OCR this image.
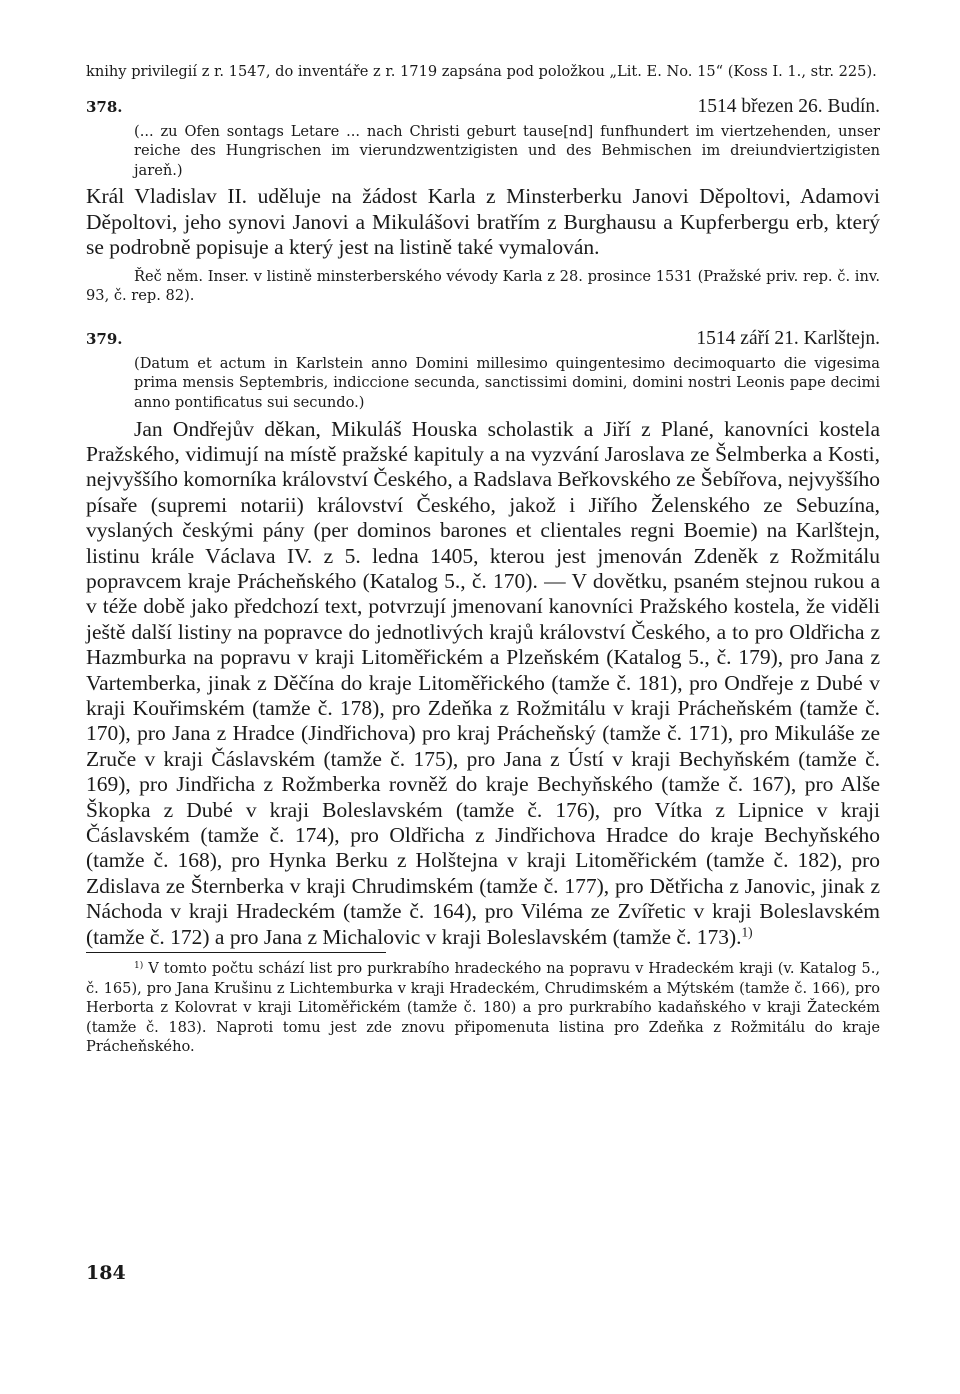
knihy privilegií z r. 1547, do inventáře z r. 1719 zapsána pod položkou „Lit. E. No. 15“ (Koss I. 1., str. 225).

378.	1514 březen 26. Budín.

(... zu Ofen sontags Letare ... nach Christi geburt tause[nd] funfhundert im viertzehenden, unser reiche des Hungrischen im vierundzwentzigisten und des Behmischen im dreiundviertzigisten jareň.)

Král Vladislav II. uděluje na žádost Karla z Minsterberku Janovi Děpoltovi, Adamovi Děpoltovi, jeho synovi Janovi a Mikulášovi bratřím z Burghausu a Kupferbergu erb, který se podrobně popisuje a který jest na listině také vymalován.

Řeč něm. Inser. v listině minsterberského vévody Karla z 28. prosince 1531 (Pražské priv. rep. č. inv. 93, č. rep. 82).

379.	1514 září 21. Karlštejn.

(Datum et actum in Karlstein anno Domini millesimo quingentesimo decimoquarto die vigesima prima mensis Septembris, indiccione secunda, sanctissimi domini, domini nostri Leonis pape decimi anno pontificatus sui secundo.)

Jan Ondřejův děkan, Mikuláš Houska scholastik a Jiří z Plané, kanovníci kostela Pražského, vidimují na místě pražské kapituly a na vyzvání Jaroslava ze Šelmberka a Kosti, nejvyššího komorníka království Českého, a Radslava Beřkovského ze Šebířova, nejvyššího písaře (supremi notarii) království Českého, jakož i Jiřího Želenského ze Sebuzína, vyslaných českými pány (per dominos barones et clientales regni Boemie) na Karlštejn, listinu krále Václava IV. z 5. ledna 1405, kterou jest jmenován Zdeněk z Rožmitálu popravcem kraje Prácheňského (Katalog 5., č. 170). — V dovětku, psaném stejnou rukou a v téže době jako předchozí text, potvrzují jmenovaní kanovníci Pražského kostela, že viděli ještě další listiny na popravce do jednotlivých krajů království Českého, a to pro Oldřicha z Hazmburka na popravu v kraji Litoměřickém a Plzeňském (Katalog 5., č. 179), pro Jana z Vartemberka, jinak z Děčína do kraje Litoměřického (tamže č. 181), pro Ondřeje z Dubé v kraji Kouřimském (tamže č. 178), pro Zdeňka z Rožmitálu v kraji Prácheňském (tamže č. 170), pro Jana z Hradce (Jindřichova) pro kraj Prácheňský (tamže č. 171), pro Mikuláše ze Zruče v kraji Čáslavském (tamže č. 175), pro Jana z Ústí v kraji Bechyňském (tamže č. 169), pro Jindřicha z Rožmberka rovněž do kraje Bechyňského (tamže č. 167), pro Alše Škopka z Dubé v kraji Boleslavském (tamže č. 176), pro Vítka z Lipnice v kraji Čáslavském (tamže č. 174), pro Oldřicha z Jindřichova Hradce do kraje Bechyňského (tamže č. 168), pro Hynka Berku z Holštejna v kraji Litoměřickém (tamže č. 182), pro Zdislava ze Šternberka v kraji Chrudimském (tamže č. 177), pro Dětřicha z Janovic, jinak z Náchoda v kraji Hradeckém (tamže č. 164), pro Viléma ze Zvířetic v kraji Boleslavském (tamže č. 172) a pro Jana z Michalovic v kraji Boleslavském (tamže č. 173).$^{1)}$

$^{1)}$ V tomto počtu schází list pro purkrabího hradeckého na popravu v Hradeckém kraji (v. Katalog 5., č. 165), pro Jana Krušinu z Lichtemburka v kraji Hradeckém, Chrudimském a Mýtském (tamže č. 166), pro Herborta z Kolovrat v kraji Litoměřickém (tamže č. 180) a pro purkrabího kadaňského v kraji Žateckém (tamže č. 183). Naproti tomu jest zde znovu připomenuta listina pro Zdeňka z Rožmitálu do kraje Prácheňského.

184
